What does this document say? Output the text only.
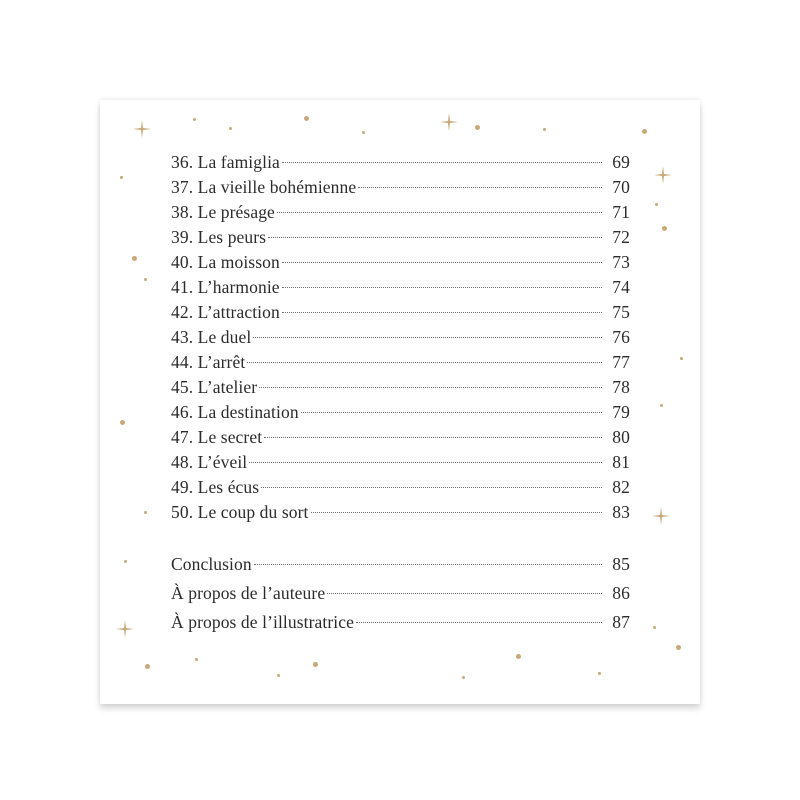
36. La famiglia	69
37. La vieille bohémienne	70
38. Le présage	71
39. Les peurs	72
40. La moisson	73
41. L’harmonie	74
42. L’attraction	75
43. Le duel	76
44. L’arrêt	77
45. L’atelier	78
46. La destination	79
47. Le secret	80
48. L’éveil	81
49. Les écus	82
50. Le coup du sort	83
Conclusion	85
À propos de l’auteure	86
À propos de l’illustratrice	87
